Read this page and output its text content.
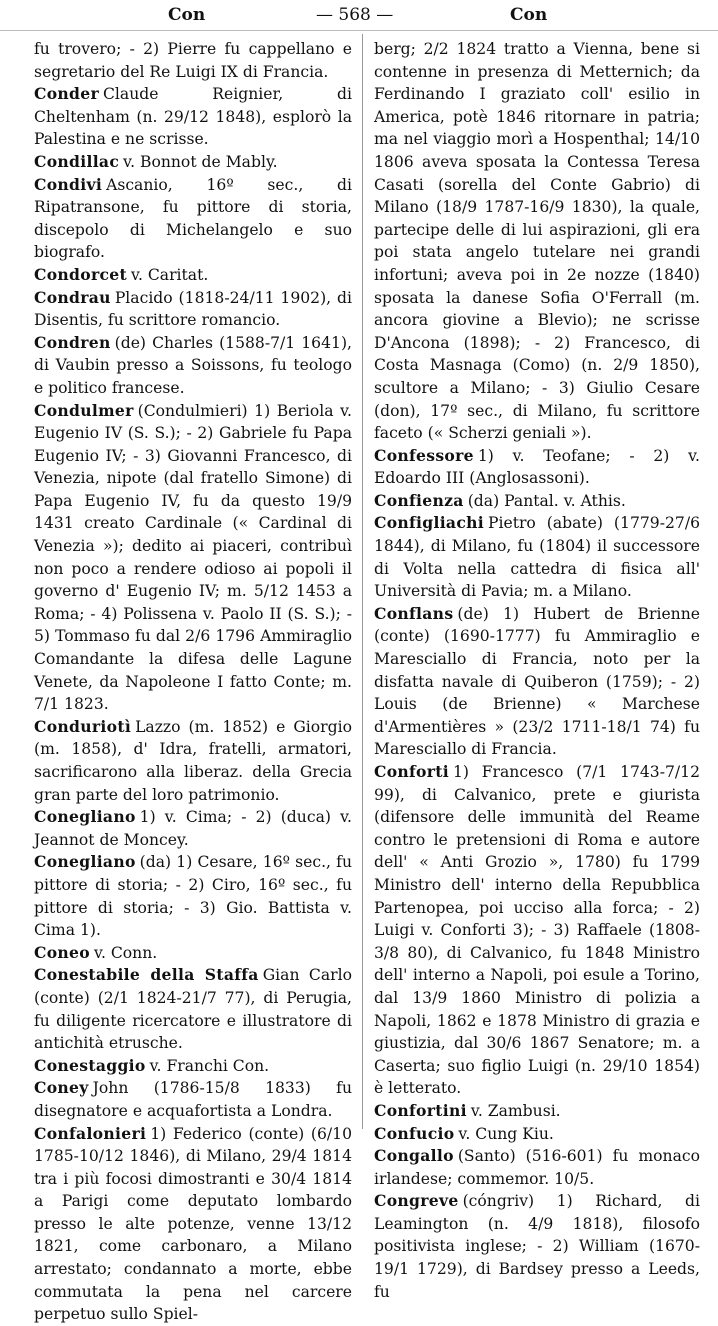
Con	— 568 —	Con

fu trovero; - 2) Pierre fu cappellano e segretario del Re Luigi IX di Francia.

Conder Claude Reignier, di Cheltenham (n. 29/12 1848), esplorò la Palestina e ne scrisse.

Condillac v. Bonnot de Mably.

Condivi Ascanio, 16º sec., di Ripatransone, fu pittore di storia, discepolo di Michelangelo e suo biografo.

Condorcet v. Caritat.

Condrau Placido (1818-24/11 1902), di Disentis, fu scrittore romancio.

Condren (de) Charles (1588-7/1 1641), di Vaubin presso a Soissons, fu teologo e politico francese.

Condulmer (Condulmieri) 1) Beriola v. Eugenio IV (S. S.); - 2) Gabriele fu Papa Eugenio IV; - 3) Giovanni Francesco, di Venezia, nipote (dal fratello Simone) di Papa Eugenio IV, fu da questo 19/9 1431 creato Cardinale (« Cardinal di Venezia »); dedito ai piaceri, contribuì non poco a rendere odioso ai popoli il governo d' Eugenio IV; m. 5/12 1453 a Roma; - 4) Polissena v. Paolo II (S. S.); - 5) Tommaso fu dal 2/6 1796 Ammiraglio Comandante la difesa delle Lagune Venete, da Napoleone I fatto Conte; m. 7/1 1823.

Conduriotì Lazzo (m. 1852) e Giorgio (m. 1858), d' Idra, fratelli, armatori, sacrificarono alla liberaz. della Grecia gran parte del loro patrimonio.

Conegliano 1) v. Cima; - 2) (duca) v. Jeannot de Moncey.

Conegliano (da) 1) Cesare, 16º sec., fu pittore di storia; - 2) Ciro, 16º sec., fu pittore di storia; - 3) Gio. Battista v. Cima 1).

Coneo v. Conn.

Conestabile della Staffa Gian Carlo (conte) (2/1 1824-21/7 77), di Perugia, fu diligente ricercatore e illustratore di antichità etrusche.

Conestaggio v. Franchi Con.

Coney John (1786-15/8 1833) fu disegnatore e acquafortista a Londra.

Confalonieri 1) Federico (conte) (6/10 1785-10/12 1846), di Milano, 29/4 1814 tra i più focosi dimostranti e 30/4 1814 a Parigi come deputato lombardo presso le alte potenze, venne 13/12 1821, come carbonaro, a Milano arrestato; condannato a morte, ebbe commutata la pena nel carcere perpetuo sullo Spiel-

berg; 2/2 1824 tratto a Vienna, bene si contenne in presenza di Metternich; da Ferdinando I graziato coll' esilio in America, potè 1846 ritornare in patria; ma nel viaggio morì a Hospenthal; 14/10 1806 aveva sposata la Contessa Teresa Casati (sorella del Conte Gabrio) di Milano (18/9 1787-16/9 1830), la quale, partecipe delle di lui aspirazioni, gli era poi stata angelo tutelare nei grandi infortuni; aveva poi in 2e nozze (1840) sposata la danese Sofia O'Ferrall (m. ancora giovine a Blevio); ne scrisse D'Ancona (1898); - 2) Francesco, di Costa Masnaga (Como) (n. 2/9 1850), scultore a Milano; - 3) Giulio Cesare (don), 17º sec., di Milano, fu scrittore faceto (« Scherzi geniali »).

Confessore 1) v. Teofane; - 2) v. Edoardo III (Anglosassoni).

Confienza (da) Pantal. v. Athis.

Configliachi Pietro (abate) (1779-27/6 1844), di Milano, fu (1804) il successore di Volta nella cattedra di fisica all' Università di Pavia; m. a Milano.

Conflans (de) 1) Hubert de Brienne (conte) (1690-1777) fu Ammiraglio e Maresciallo di Francia, noto per la disfatta navale di Quiberon (1759); - 2) Louis (de Brienne) « Marchese d'Armentières » (23/2 1711-18/1 74) fu Maresciallo di Francia.

Conforti 1) Francesco (7/1 1743-7/12 99), di Calvanico, prete e giurista (difensore delle immunità del Reame contro le pretensioni di Roma e autore dell' « Anti Grozio », 1780) fu 1799 Ministro dell' interno della Repubblica Partenopea, poi ucciso alla forca; - 2) Luigi v. Conforti 3); - 3) Raffaele (1808-3/8 80), di Calvanico, fu 1848 Ministro dell' interno a Napoli, poi esule a Torino, dal 13/9 1860 Ministro di polizia a Napoli, 1862 e 1878 Ministro di grazia e giustizia, dal 30/6 1867 Senatore; m. a Caserta; suo figlio Luigi (n. 29/10 1854) è letterato.

Confortini v. Zambusi.

Confucio v. Cung Kiu.

Congallo (Santo) (516-601) fu monaco irlandese; commemor. 10/5.

Congreve (cóngriv) 1) Richard, di Leamington (n. 4/9 1818), filosofo positivista inglese; - 2) William (1670-19/1 1729), di Bardsey presso a Leeds, fu
